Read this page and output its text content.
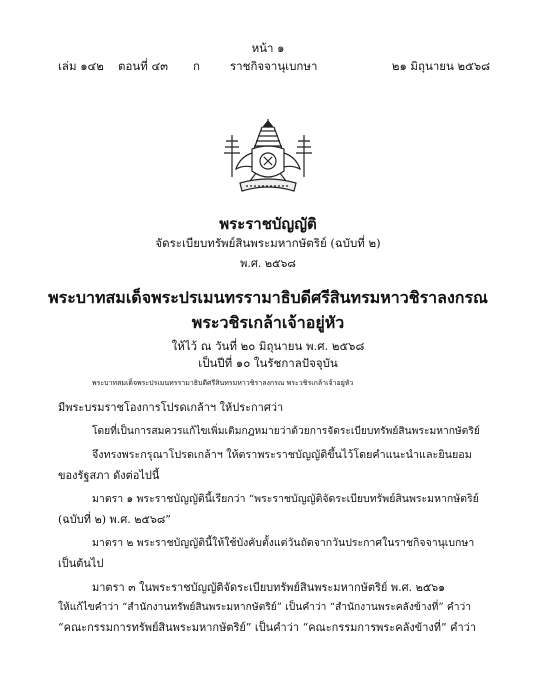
หน้า ๑
เล่ม ๑๔๒ ตอนที่ ๔๓ ก	ราชกิจจานุเบกษา	๒๑ มิถุนายน ๒๕๖๘
พระราชบัญญัติ
จัดระเบียบทรัพย์สินพระมหากษัตริย์ (ฉบับที่ ๒)
พ.ศ. ๒๕๖๘
พระบาทสมเด็จพระปรเมนทรรามาธิบดีศรีสินทรมหาวชิราลงกรณ
พระวชิรเกล้าเจ้าอยู่หัว
ให้ไว้ ณ วันที่ ๒๐ มิถุนายน พ.ศ. ๒๕๖๘
เป็นปีที่ ๑๐ ในรัชกาลปัจจุบัน
พระบาทสมเด็จพระปรเมนทรรามาธิบดีศรีสินทรมหาวชิราลงกรณ พระวชิรเกล้าเจ้าอยู่หัว
มีพระบรมราชโองการโปรดเกล้าฯ ให้ประกาศว่า
โดยที่เป็นการสมควรแก้ไขเพิ่มเติมกฎหมายว่าด้วยการจัดระเบียบทรัพย์สินพระมหากษัตริย์
จึงทรงพระกรุณาโปรดเกล้าฯ ให้ตราพระราชบัญญัติขึ้นไว้โดยคำแนะนำและยินยอม
ของรัฐสภา ดังต่อไปนี้
มาตรา ๑ พระราชบัญญัตินี้เรียกว่า “พระราชบัญญัติจัดระเบียบทรัพย์สินพระมหากษัตริย์
(ฉบับที่ ๒) พ.ศ. ๒๕๖๘”
มาตรา ๒ พระราชบัญญัตินี้ให้ใช้บังคับตั้งแต่วันถัดจากวันประกาศในราชกิจจานุเบกษา
เป็นต้นไป
มาตรา ๓ ในพระราชบัญญัติจัดระเบียบทรัพย์สินพระมหากษัตริย์ พ.ศ. ๒๕๖๑
ให้แก้ไขคำว่า “สำนักงานทรัพย์สินพระมหากษัตริย์” เป็นคำว่า “สำนักงานพระคลังข้างที่” คำว่า
“คณะกรรมการทรัพย์สินพระมหากษัตริย์” เป็นคำว่า “คณะกรรมการพระคลังข้างที่” คำว่า
